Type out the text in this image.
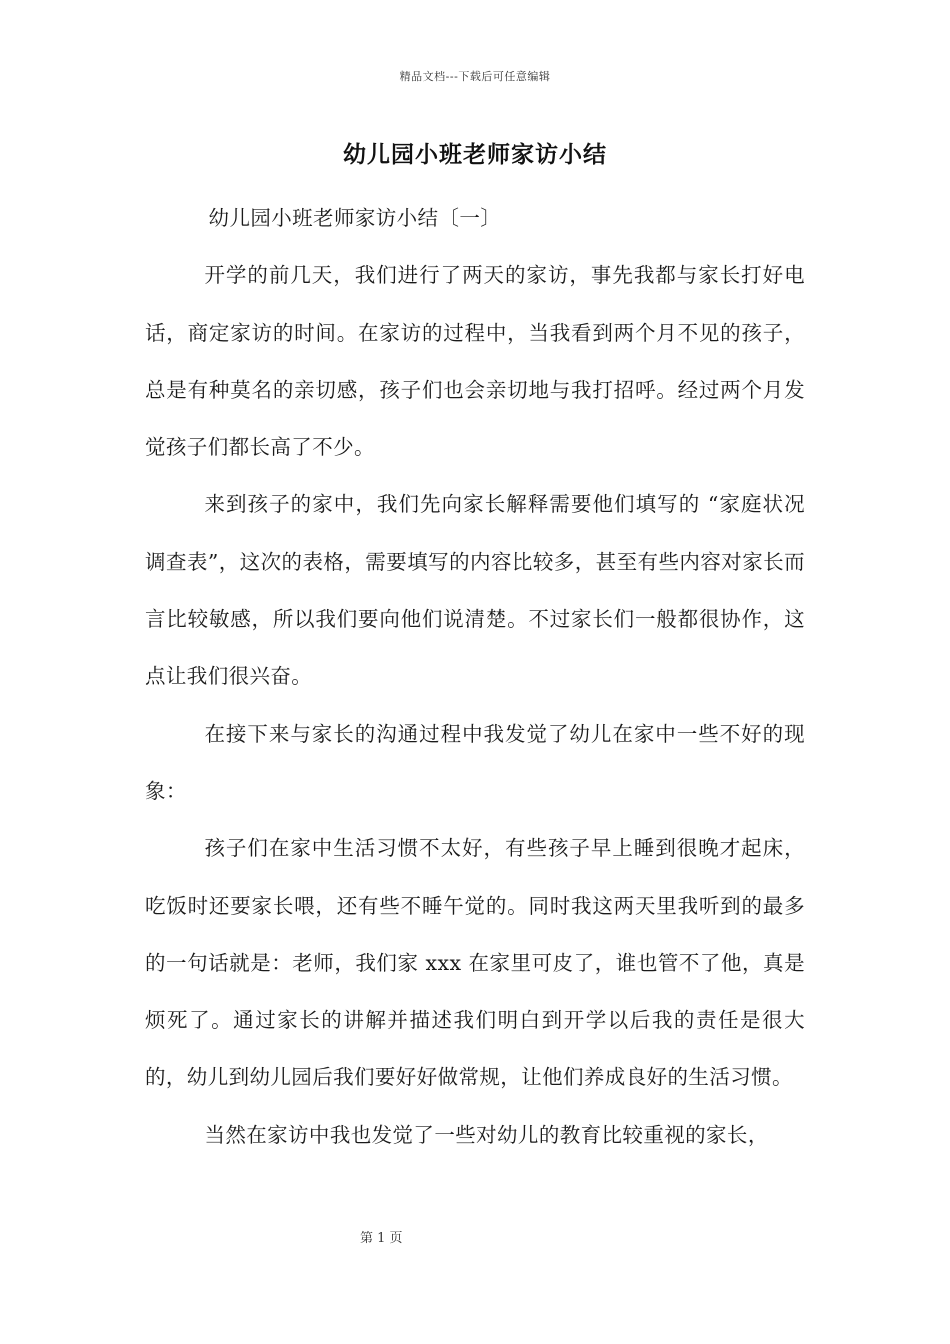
精品文档---下载后可任意编辑
幼儿园小班老师家访小结

幼儿园小班老师家访小结〔一〕

开学的前几天，我们进行了两天的家访，事先我都与家长打好电话，商定家访的时间。在家访的过程中，当我看到两个月不见的孩子，总是有种莫名的亲切感，孩子们也会亲切地与我打招呼。经过两个月发觉孩子们都长高了不少。

来到孩子的家中，我们先向家长解释需要他们填写的 “家庭状况调查表”，这次的表格，需要填写的内容比较多，甚至有些内容对家长而言比较敏感，所以我们要向他们说清楚。不过家长们一般都很协作，这点让我们很兴奋。

在接下来与家长的沟通过程中我发觉了幼儿在家中一些不好的现象：

孩子们在家中生活习惯不太好，有些孩子早上睡到很晚才起床，吃饭时还要家长喂，还有些不睡午觉的。同时我这两天里我听到的最多的一句话就是：老师，我们家 xxx 在家里可皮了，谁也管不了他，真是烦死了。通过家长的讲解并描述我们明白到开学以后我的责任是很大的，幼儿到幼儿园后我们要好好做常规，让他们养成良好的生活习惯。

当然在家访中我也发觉了一些对幼儿的教育比较重视的家长，

第 1 页
